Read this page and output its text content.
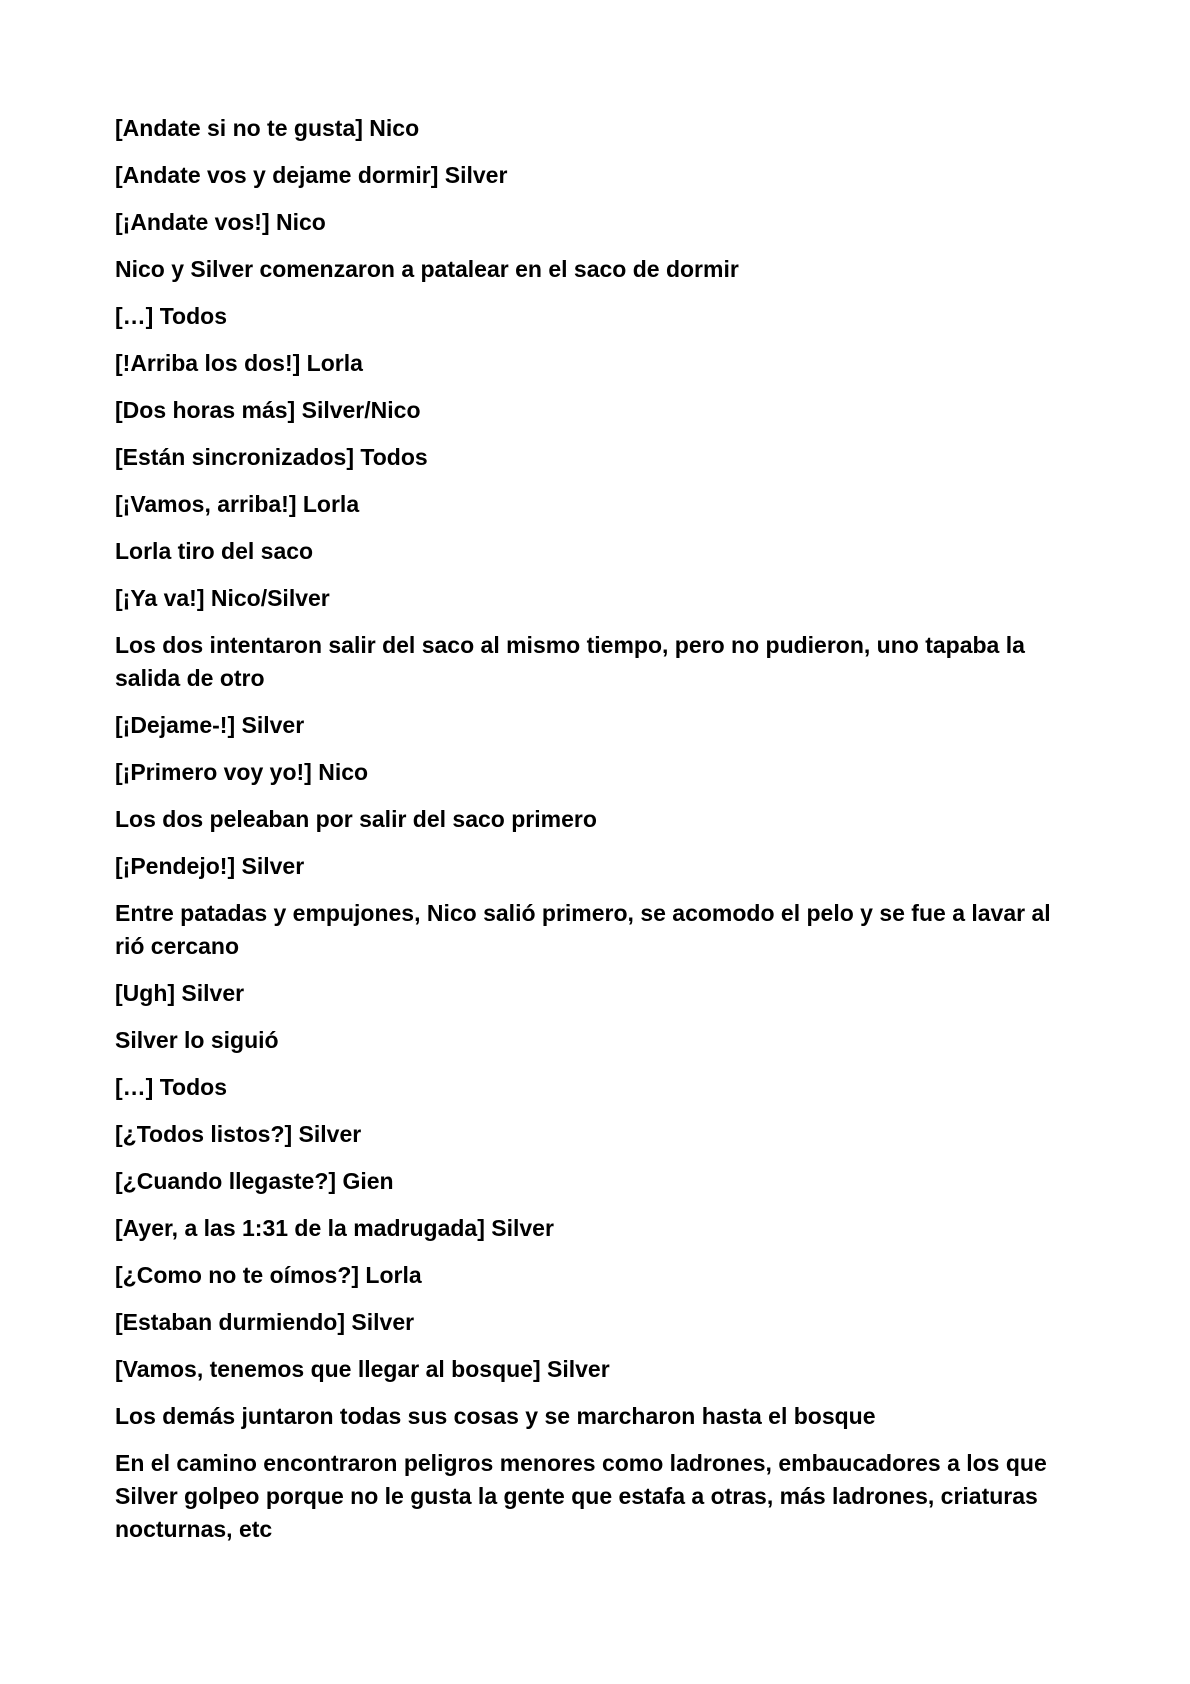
[Andate si no te gusta] Nico

[Andate vos y dejame dormir] Silver

[¡Andate vos!] Nico

Nico y Silver comenzaron a patalear en el saco de dormir

[…] Todos

[!Arriba los dos!] Lorla

[Dos horas más] Silver/Nico

[Están sincronizados] Todos

[¡Vamos, arriba!] Lorla

Lorla tiro del saco

[¡Ya va!] Nico/Silver

Los dos intentaron salir del saco al mismo tiempo, pero no pudieron, uno tapaba la salida de otro

[¡Dejame-!] Silver

[¡Primero voy yo!] Nico

Los dos peleaban por salir del saco primero

[¡Pendejo!] Silver

Entre patadas y empujones, Nico salió primero, se acomodo el pelo y se fue a lavar al rió cercano

[Ugh] Silver

Silver lo siguió

[…] Todos

[¿Todos listos?] Silver

[¿Cuando llegaste?] Gien

[Ayer, a las 1:31 de la madrugada] Silver

[¿Como no te oímos?] Lorla

[Estaban durmiendo] Silver

[Vamos, tenemos que llegar al bosque] Silver

Los demás juntaron todas sus cosas y se marcharon hasta el bosque

En el camino encontraron peligros menores como ladrones, embaucadores a los que Silver golpeo porque no le gusta la gente que estafa a otras, más ladrones, criaturas nocturnas, etc
